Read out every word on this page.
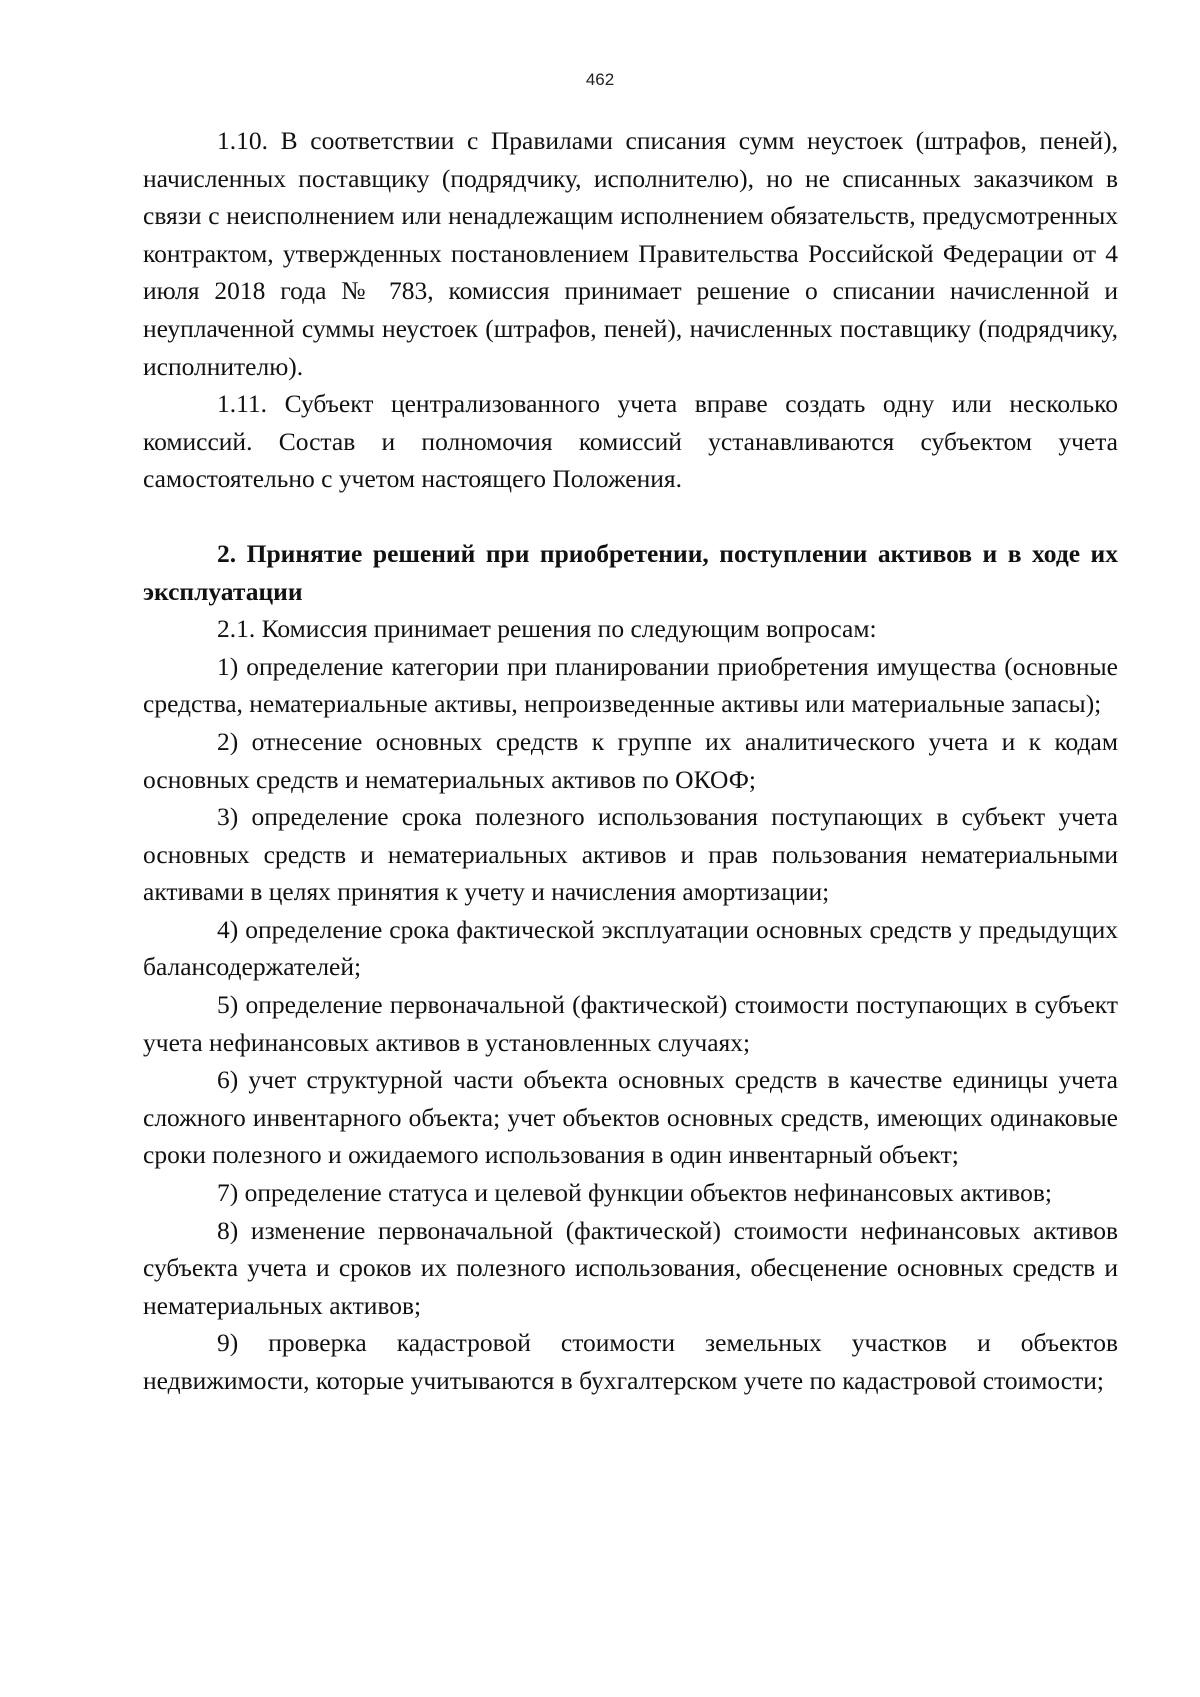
462

1.10. В соответствии с Правилами списания сумм неустоек (штрафов, пеней), начисленных поставщику (подрядчику, исполнителю), но не списанных заказчиком в связи с неисполнением или ненадлежащим исполнением обязательств, предусмотренных контрактом, утвержденных постановлением Правительства Российской Федерации от 4 июля 2018 года № 783, комиссия принимает решение о списании начисленной и неуплаченной суммы неустоек (штрафов, пеней), начисленных поставщику (подрядчику, исполнителю).

1.11. Субъект централизованного учета вправе создать одну или несколько комиссий. Состав и полномочия комиссий устанавливаются субъектом учета самостоятельно с учетом настоящего Положения.

2. Принятие решений при приобретении, поступлении активов и в ходе их эксплуатации

2.1. Комиссия принимает решения по следующим вопросам:

1) определение категории при планировании приобретения имущества (основные средства, нематериальные активы, непроизведенные активы или материальные запасы);

2) отнесение основных средств к группе их аналитического учета и к кодам основных средств и нематериальных активов по ОКОФ;

3) определение срока полезного использования поступающих в субъект учета основных средств и нематериальных активов и прав пользования нематериальными активами в целях принятия к учету и начисления амортизации;

4) определение срока фактической эксплуатации основных средств у предыдущих балансодержателей;

5) определение первоначальной (фактической) стоимости поступающих в субъект учета нефинансовых активов в установленных случаях;

6) учет структурной части объекта основных средств в качестве единицы учета сложного инвентарного объекта; учет объектов основных средств, имеющих одинаковые сроки полезного и ожидаемого использования в один инвентарный объект;

7) определение статуса и целевой функции объектов нефинансовых активов;

8) изменение первоначальной (фактической) стоимости нефинансовых активов субъекта учета и сроков их полезного использования, обесценение основных средств и нематериальных активов;

9) проверка кадастровой стоимости земельных участков и объектов недвижимости, которые учитываются в бухгалтерском учете по кадастровой стоимости;
